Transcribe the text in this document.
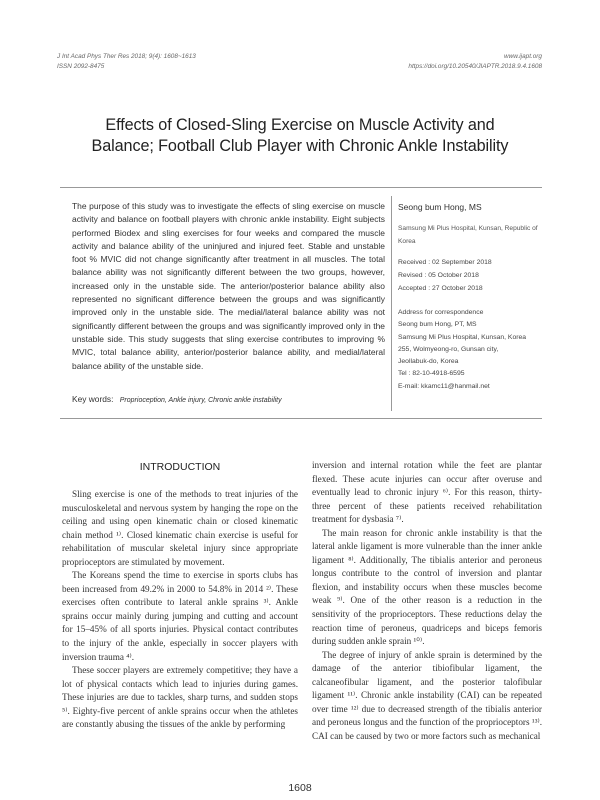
J Int Acad Phys Ther Res 2018; 9(4): 1608~1613
ISSN 2092-8475
www.ijapt.org
https://doi.org/10.20540/JIAPTR.2018.9.4.1608
Effects of Closed-Sling Exercise on Muscle Activity and
Balance; Football Club Player with Chronic Ankle Instability
The purpose of this study was to investigate the effects of sling exercise on muscle activity and balance on football players with chronic ankle instability. Eight subjects performed Biodex and sling exercises for four weeks and compared the muscle activity and balance ability of the uninjured and injured feet. Stable and unstable foot % MVIC did not change significantly after treatment in all muscles. The total balance ability was not significantly different between the two groups, however, increased only in the unstable side. The anterior/posterior balance ability also represented no significant difference between the groups and was significantly improved only in the unstable side. The medial/lateral balance ability was not significantly different between the groups and was significantly improved only in the unstable side. This study suggests that sling exercise contributes to improving % MVIC, total balance ability, anterior/posterior balance ability, and medial/lateral balance ability of the unstable side.
Key words: Proprioception, Ankle injury, Chronic ankle instability
Seong bum Hong, MS
Samsung Mi Plus Hospital, Kunsan, Republic of Korea
Received : 02 September 2018
Revised : 05 October 2018
Accepted : 27 October 2018
Address for correspondence
Seong bum Hong, PT, MS
Samsung Mi Plus Hospital, Kunsan, Korea
255, Wolmyeong-ro, Gunsan city,
Jeollabuk-do, Korea
Tel : 82-10-4918-6595
E-mail: kkamc11@hanmail.net
INTRODUCTION

Sling exercise is one of the methods to treat injuries of the musculoskeletal and nervous system by hanging the rope on the ceiling and using open kinematic chain or closed kinematic chain method ¹⁾. Closed kinematic chain exercise is useful for rehabilitation of muscular skeletal injury since appropriate proprioceptors are stimulated by movement.

The Koreans spend the time to exercise in sports clubs has been increased from 49.2% in 2000 to 54.8% in 2014 ²⁾. These exercises often contribute to lateral ankle sprains ³⁾. Ankle sprains occur mainly during jumping and cutting and account for 15–45% of all sports injuries. Physical contact contributes to the injury of the ankle, especially in soccer players with inversion trauma ⁴⁾.

These soccer players are extremely competitive; they have a lot of physical contacts which lead to injuries during games. These injuries are due to tackles, sharp turns, and sudden stops ⁵⁾. Eighty-five percent of ankle sprains occur when the athletes are constantly abusing the tissues of the ankle by performing

inversion and internal rotation while the feet are plantar flexed. These acute injuries can occur after overuse and eventually lead to chronic injury ⁶⁾. For this reason, thirty-three percent of these patients received rehabilitation treatment for dysbasia ⁷⁾.

The main reason for chronic ankle instability is that the lateral ankle ligament is more vulnerable than the inner ankle ligament ⁸⁾. Additionally, The tibialis anterior and peroneus longus contribute to the control of inversion and plantar flexion, and instability occurs when these muscles become weak ⁹⁾. One of the other reason is a reduction in the sensitivity of the proprioceptors. These reductions delay the reaction time of peroneus, quadriceps and biceps femoris during sudden ankle sprain ¹⁰⁾.

The degree of injury of ankle sprain is determined by the damage of the anterior tibiofibular ligament, the calcaneofibular ligament, and the posterior talofibular ligament ¹¹⁾. Chronic ankle instability (CAI) can be repeated over time ¹²⁾ due to decreased strength of the tibialis anterior and peroneus longus and the function of the proprioceptors ¹³⁾. CAI can be caused by two or more factors such as mechanical

1608
